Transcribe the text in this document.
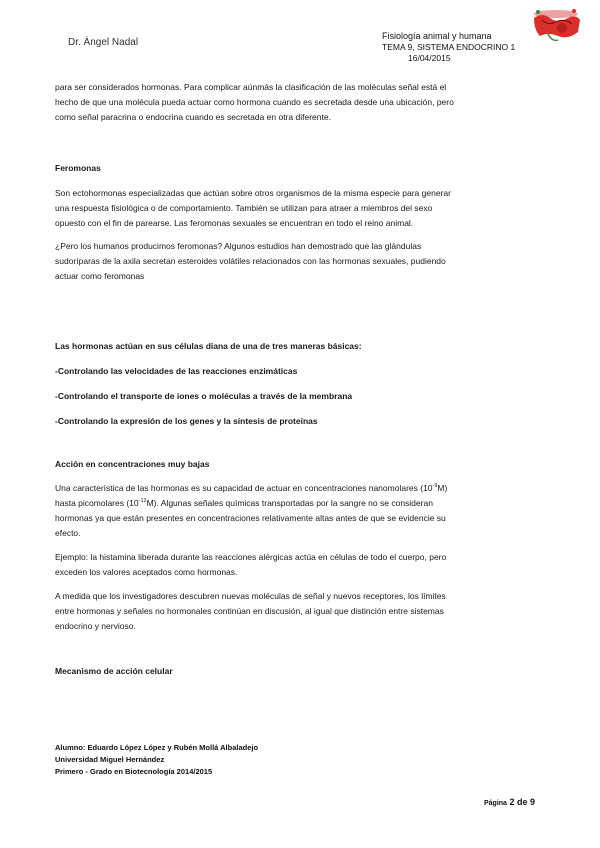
Dr. Ángel Nadal
Fisiología animal y humana
TEMA 9, SISTEMA ENDOCRINO 1
16/04/2015

para ser considerados hormonas. Para complicar aúnmás la clasificación de las moléculas señal está el
hecho de que una molécula pueda actuar como hormona cuando es secretada desde una ubicación, pero
como señal paracrina o endocrina cuando es secretada en otra diferente.

Feromonas

Son ectohormonas especializadas que actúan sobre otros organismos de la misma especie para generar
una respuesta fisiológica o de comportamiento. También se utilizan para atraer a miembros del sexo
opuesto con el fin de parearse. Las feromonas sexuales se encuentran en todo el reino animal.

¿Pero los humanos producimos feromonas? Algunos estudios han demostrado que las glándulas
sudoríparas de la axila secretan esteroides volátiles relacionados con las hormonas sexuales, pudiendo
actuar como feromonas

Las hormonas actúan en sus células diana de una de tres maneras básicas:

-Controlando las velocidades de las reacciones enzimáticas

-Controlando el transporte de iones o moléculas a través de la membrana

-Controlando la expresión de los genes y la síntesis de proteínas

Acción en concentraciones muy bajas

Una característica de las hormonas es su capacidad de actuar en concentraciones nanomolares $(10^{-9}M)$
hasta picomolares $(10^{-12}M)$. Algunas señales químicas transportadas por la sangre no se consideran
hormonas ya que están presentes en concentraciones relativamente altas antes de que se evidencie su
efecto.

Ejemplo: la histamina liberada durante las reacciones alérgicas actúa en células de todo el cuerpo, pero
exceden los valores aceptados como hormonas.

A medida que los investigadores descubren nuevas moléculas de señal y nuevos receptores, los límites
entre hormonas y señales no hormonales continúan en discusión, al igual que distinción entre sistemas
endocrino y nervioso.

Mecanismo de acción celular

Alumno: Eduardo López López y Rubén Mollá Albaladejo
Universidad Miguel Hernández
Primero - Grado en Biotecnología 2014/2015
Página 2 de 9
